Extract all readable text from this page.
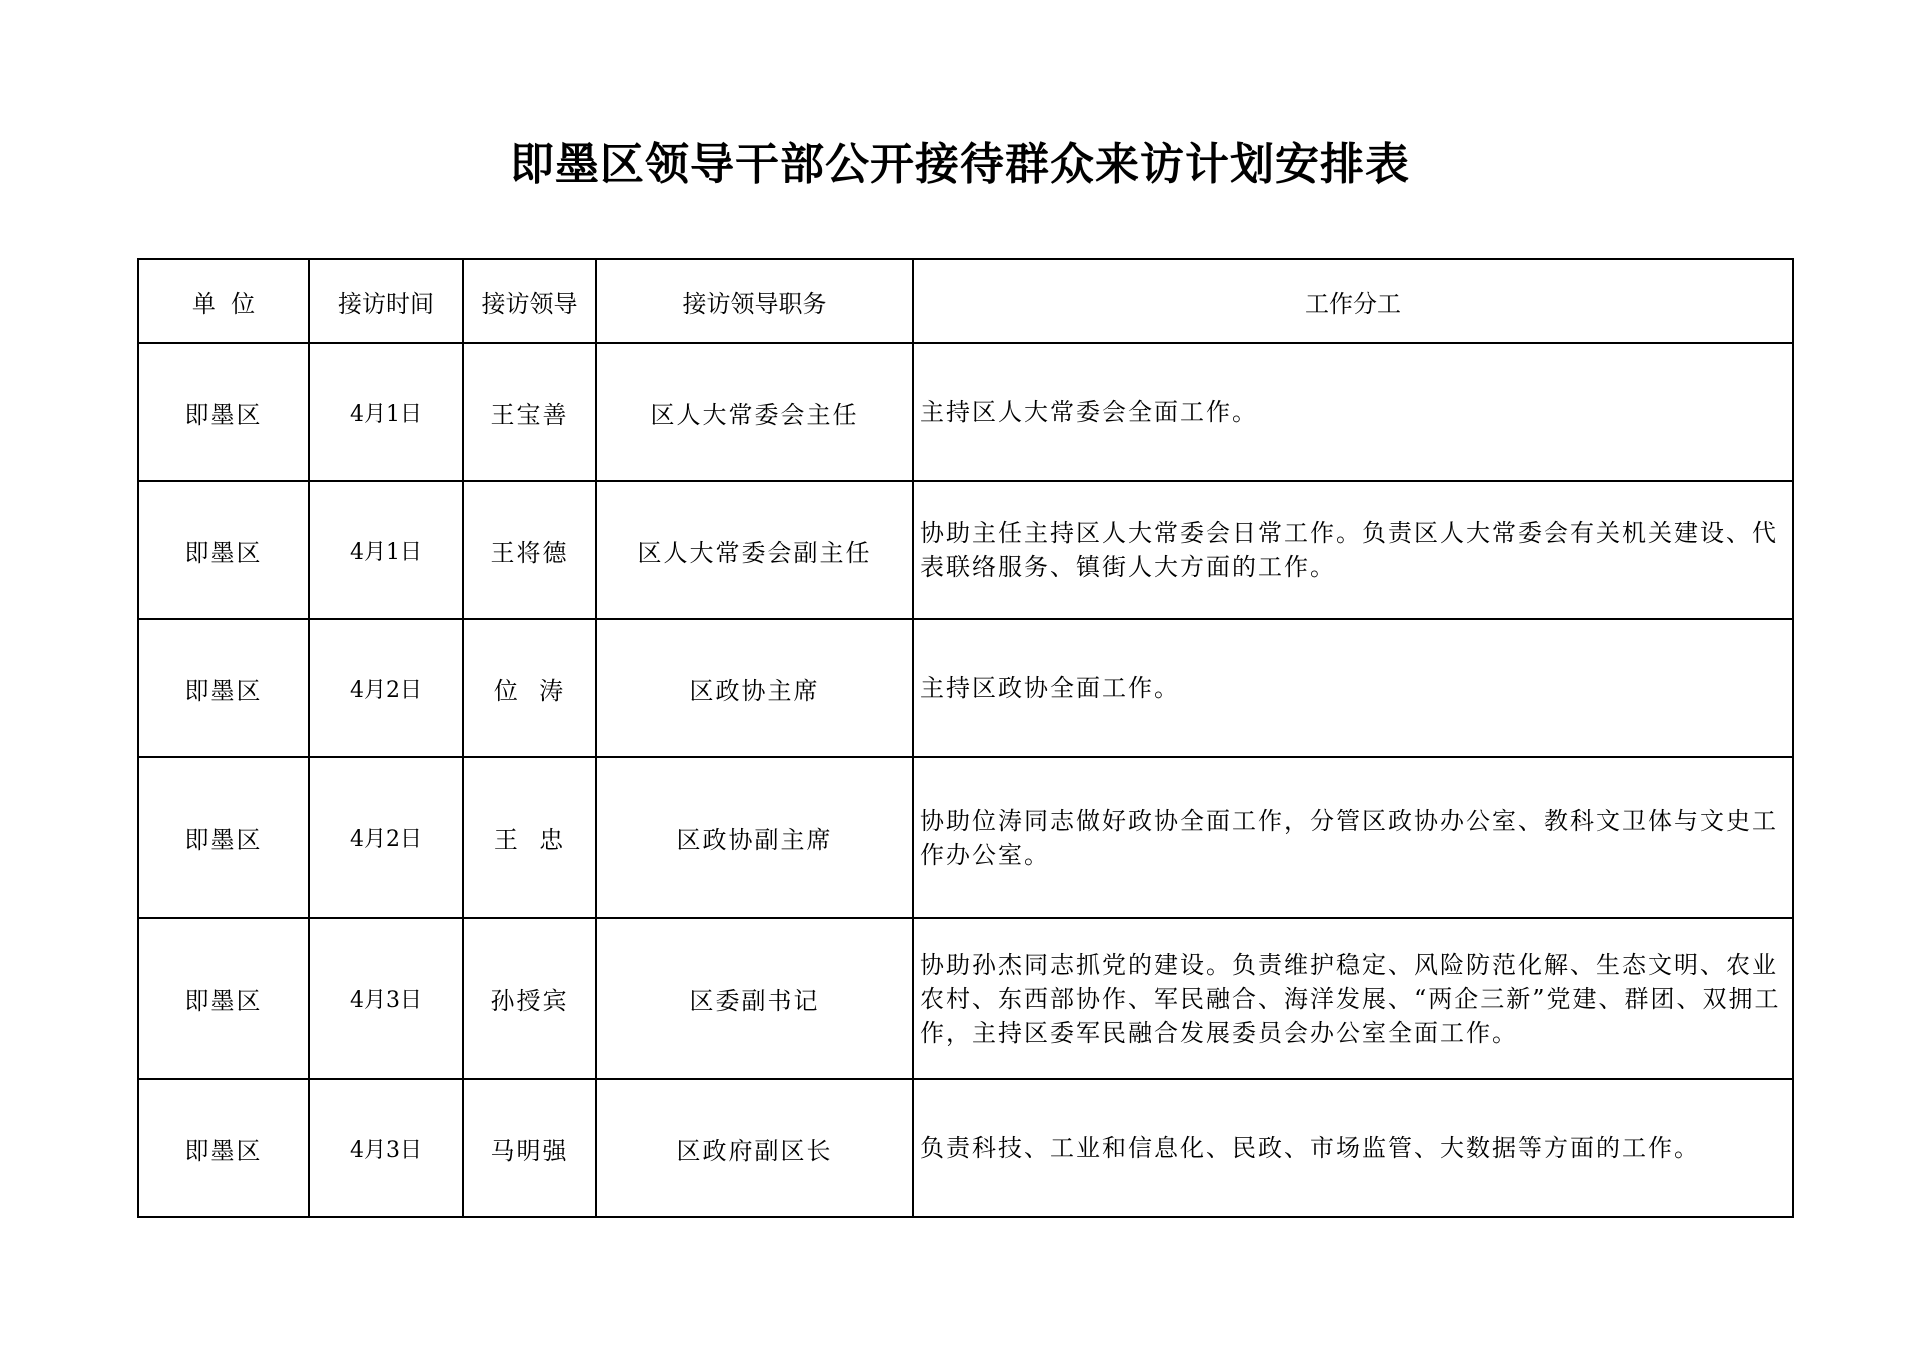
即墨区领导干部公开接待群众来访计划安排表
单  位	接访时间	接访领导	接访领导职务	工作分工
即墨区	4月1日	王宝善	区人大常委会主任	主持区人大常委会全面工作。
即墨区	4月1日	王将德	区人大常委会副主任	协助主任主持区人大常委会日常工作。负责区人大常委会有关机关建设、代表联络服务、镇街人大方面的工作。
即墨区	4月2日	位  涛	区政协主席	主持区政协全面工作。
即墨区	4月2日	王  忠	区政协副主席	协助位涛同志做好政协全面工作，分管区政协办公室、教科文卫体与文史工作办公室。
即墨区	4月3日	孙授宾	区委副书记	协助孙杰同志抓党的建设。负责维护稳定、风险防范化解、生态文明、农业农村、东西部协作、军民融合、海洋发展、“两企三新”党建、群团、双拥工作，主持区委军民融合发展委员会办公室全面工作。
即墨区	4月3日	马明强	区政府副区长	负责科技、工业和信息化、民政、市场监管、大数据等方面的工作。
